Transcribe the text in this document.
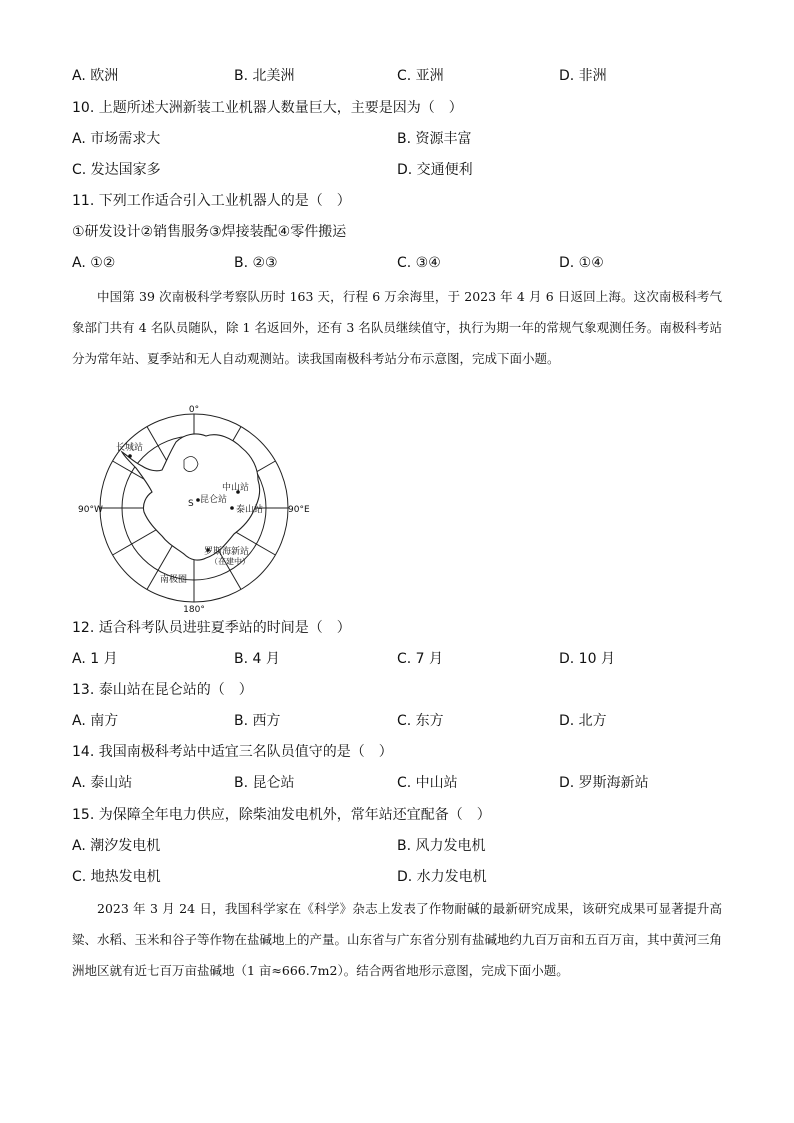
A. 欧洲	B. 北美洲	C. 亚洲	D. 非洲
10. 上题所述大洲新装工业机器人数量巨大，主要是因为（　）
A. 市场需求大	B. 资源丰富
C. 发达国家多	D. 交通便利
11. 下列工作适合引入工业机器人的是（　）
①研发设计②销售服务③焊接装配④零件搬运
A. ①②	B. ②③	C. ③④	D. ①④
中国第 39 次南极科学考察队历时 163 天，行程 6 万余海里，于 2023 年 4 月 6 日返回上海。这次南极科考气象部门共有 4 名队员随队，除 1 名返回外，还有 3 名队员继续值守，执行为期一年的常规气象观测任务。南极科考站分为常年站、夏季站和无人自动观测站。读我国南极科考站分布示意图，完成下面小题。
0°
180°
90°W	90°E
S
长城站
昆仑站
中山站
泰山站
罗斯海新站
（在建中）
南极圈
12. 适合科考队员进驻夏季站的时间是（　）
A. 1 月	B. 4 月	C. 7 月	D. 10 月
13. 泰山站在昆仑站的（　）
A. 南方	B. 西方	C. 东方	D. 北方
14. 我国南极科考站中适宜三名队员值守的是（　）
A. 泰山站	B. 昆仑站	C. 中山站	D. 罗斯海新站
15. 为保障全年电力供应，除柴油发电机外，常年站还宜配备（　）
A. 潮汐发电机	B. 风力发电机
C. 地热发电机	D. 水力发电机
2023 年 3 月 24 日，我国科学家在《科学》杂志上发表了作物耐碱的最新研究成果，该研究成果可显著提升高粱、水稻、玉米和谷子等作物在盐碱地上的产量。山东省与广东省分别有盐碱地约九百万亩和五百万亩，其中黄河三角洲地区就有近七百万亩盐碱地（1 亩≈666.7m2）。结合两省地形示意图，完成下面小题。
